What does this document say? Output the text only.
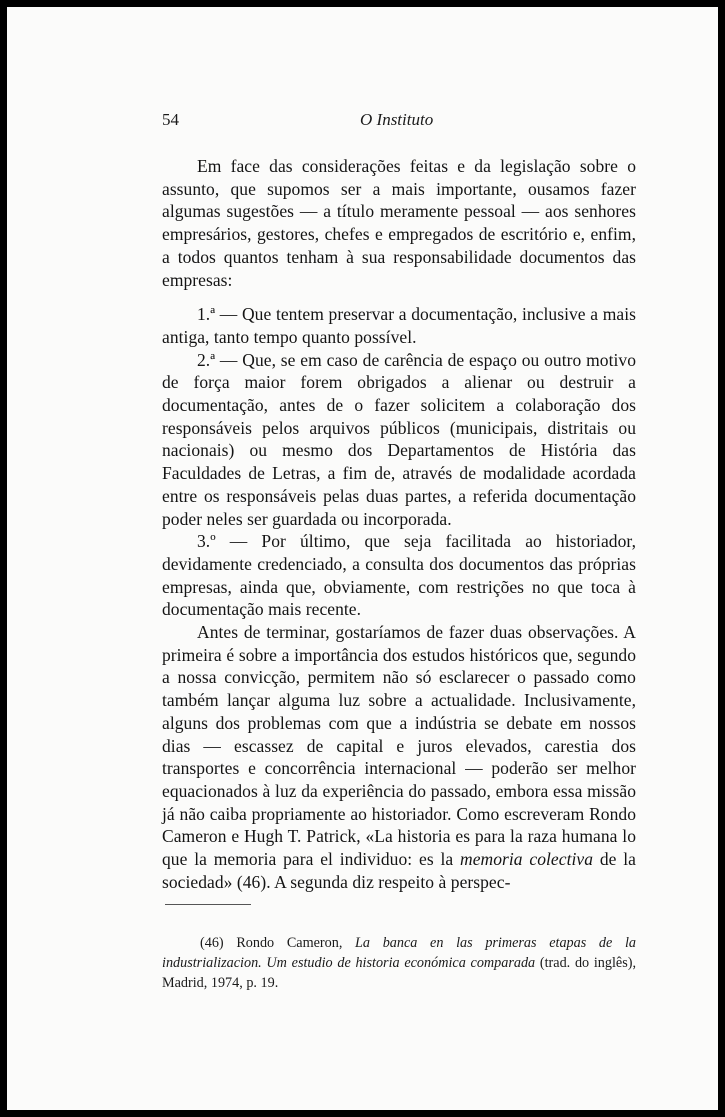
54	O Instituto

Em face das considerações feitas e da legislação sobre o assunto, que supomos ser a mais importante, ousamos fazer algumas sugestões — a título meramente pessoal — aos senhores empresários, gestores, chefes e empregados de escritório e, enfim, a todos quantos tenham à sua responsabilidade documentos das empresas:

1.ª — Que tentem preservar a documentação, inclusive a mais antiga, tanto tempo quanto possível.

2.ª — Que, se em caso de carência de espaço ou outro motivo de força maior forem obrigados a alienar ou destruir a documentação, antes de o fazer solicitem a colaboração dos responsáveis pelos arquivos públicos (municipais, distritais ou nacionais) ou mesmo dos Departamentos de História das Faculdades de Letras, a fim de, através de modalidade acordada entre os responsáveis pelas duas partes, a referida documentação poder neles ser guardada ou incorporada.

3.º — Por último, que seja facilitada ao historiador, devidamente credenciado, a consulta dos documentos das próprias empresas, ainda que, obviamente, com restrições no que toca à documentação mais recente.

Antes de terminar, gostaríamos de fazer duas observações. A primeira é sobre a importância dos estudos históricos que, segundo a nossa convicção, permitem não só esclarecer o passado como também lançar alguma luz sobre a actualidade. Inclusivamente, alguns dos problemas com que a indústria se debate em nossos dias — escassez de capital e juros elevados, carestia dos transportes e concorrência internacional — poderão ser melhor equacionados à luz da experiência do passado, embora essa missão já não caiba propriamente ao historiador. Como escreveram Rondo Cameron e Hugh T. Patrick, «La historia es para la raza humana lo que la memoria para el individuo: es la memoria colectiva de la sociedad» (46). A segunda diz respeito à perspec-

(46) Rondo Cameron, La banca en las primeras etapas de la industrializacion. Um estudio de historia económica comparada (trad. do inglês), Madrid, 1974, p. 19.
